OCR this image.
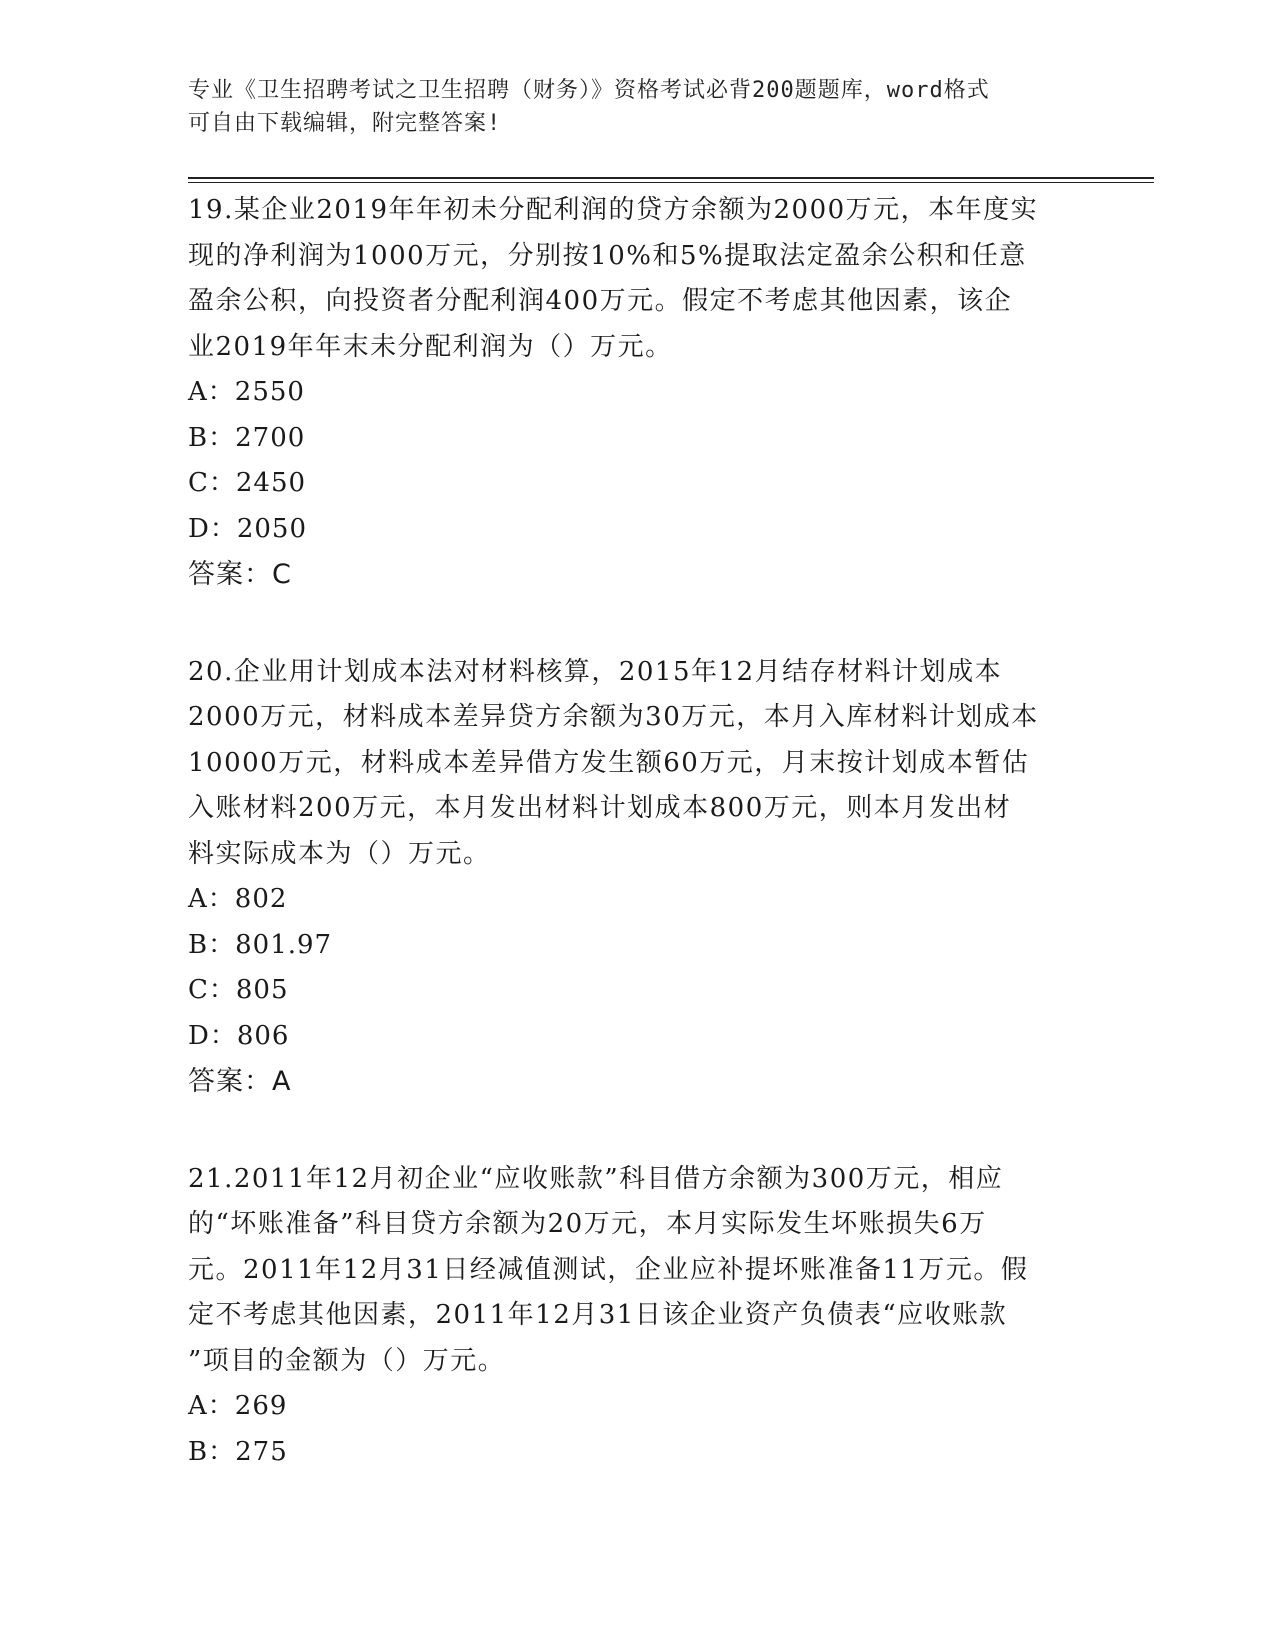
专业《卫生招聘考试之卫生招聘（财务）》资格考试必背200题题库，word格式
可自由下载编辑，附完整答案!
19.某企业2019年年初未分配利润的贷方余额为2000万元，本年度实
现的净利润为1000万元，分别按10%和5%提取法定盈余公积和任意
盈余公积，向投资者分配利润400万元。假定不考虑其他因素，该企
业2019年年末未分配利润为（）万元。
A：2550
B：2700
C：2450
D：2050
答案：C
20.企业用计划成本法对材料核算，2015年12月结存材料计划成本
2000万元，材料成本差异贷方余额为30万元，本月入库材料计划成本
10000万元，材料成本差异借方发生额60万元，月末按计划成本暂估
入账材料200万元，本月发出材料计划成本800万元，则本月发出材
料实际成本为（）万元。
A：802
B：801.97
C：805
D：806
答案：A
21.2011年12月初企业“应收账款”科目借方余额为300万元，相应
的“坏账准备”科目贷方余额为20万元，本月实际发生坏账损失6万
元。2011年12月31日经减值测试，企业应补提坏账准备11万元。假
定不考虑其他因素，2011年12月31日该企业资产负债表“应收账款
”项目的金额为（）万元。
A：269
B：275
